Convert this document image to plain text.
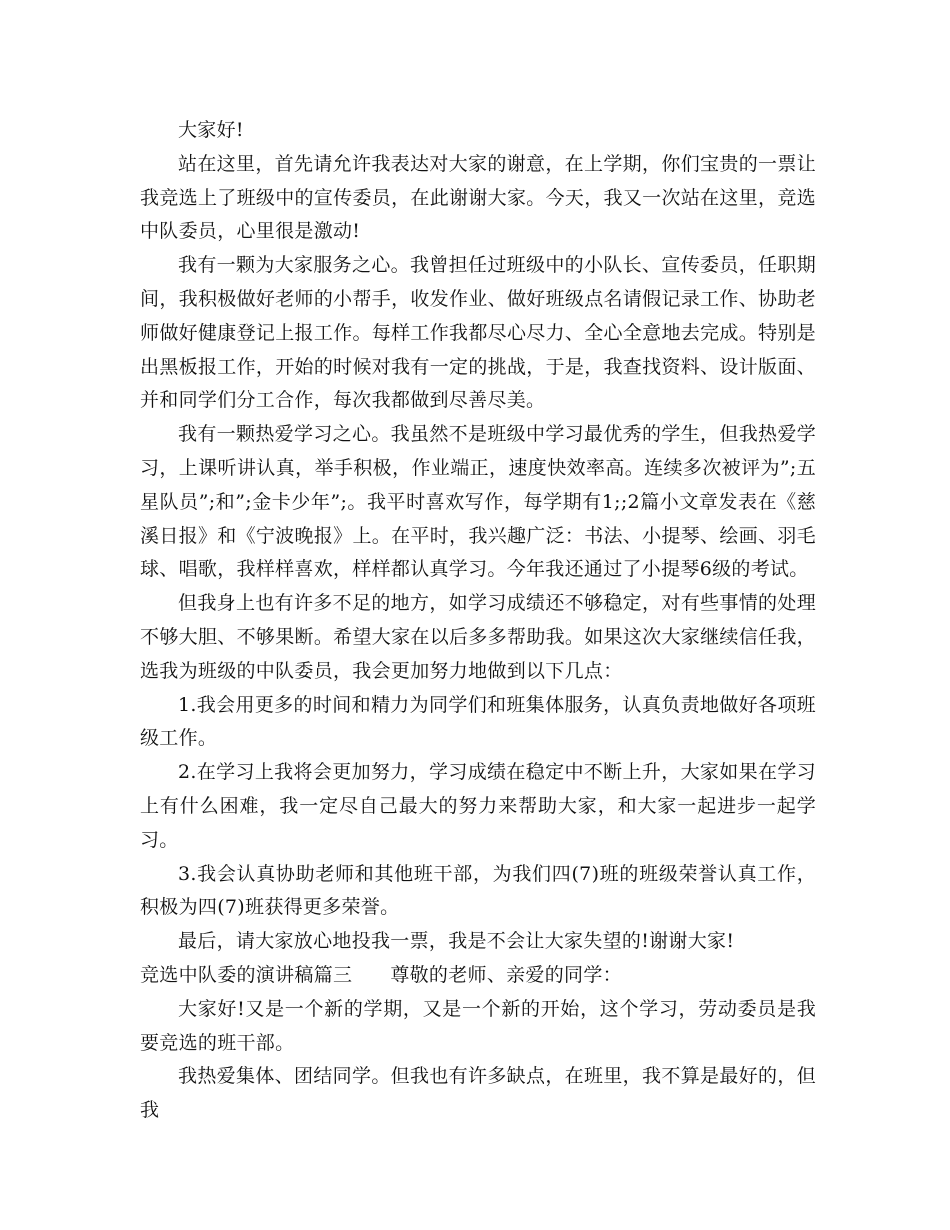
大家好!

站在这里，首先请允许我表达对大家的谢意，在上学期，你们宝贵的一票让我竞选上了班级中的宣传委员，在此谢谢大家。今天，我又一次站在这里，竞选中队委员，心里很是激动!

我有一颗为大家服务之心。我曾担任过班级中的小队长、宣传委员，任职期间，我积极做好老师的小帮手，收发作业、做好班级点名请假记录工作、协助老师做好健康登记上报工作。每样工作我都尽心尽力、全心全意地去完成。特别是出黑板报工作，开始的时候对我有一定的挑战，于是，我查找资料、设计版面、并和同学们分工合作，每次我都做到尽善尽美。

我有一颗热爱学习之心。我虽然不是班级中学习最优秀的学生，但我热爱学习，上课听讲认真，举手积极，作业端正，速度快效率高。连续多次被评为”;五星队员”;和”;金卡少年”;。我平时喜欢写作，每学期有1;;2篇小文章发表在《慈溪日报》和《宁波晚报》上。在平时，我兴趣广泛：书法、小提琴、绘画、羽毛球、唱歌，我样样喜欢，样样都认真学习。今年我还通过了小提琴6级的考试。

但我身上也有许多不足的地方，如学习成绩还不够稳定，对有些事情的处理不够大胆、不够果断。希望大家在以后多多帮助我。如果这次大家继续信任我，选我为班级的中队委员，我会更加努力地做到以下几点：

1.我会用更多的时间和精力为同学们和班集体服务，认真负责地做好各项班级工作。

2.在学习上我将会更加努力，学习成绩在稳定中不断上升，大家如果在学习上有什么困难，我一定尽自己最大的努力来帮助大家，和大家一起进步一起学习。

3.我会认真协助老师和其他班干部，为我们四(7)班的班级荣誉认真工作，积极为四(7)班获得更多荣誉。

最后，请大家放心地投我一票，我是不会让大家失望的!谢谢大家!

竞选中队委的演讲稿篇三 尊敬的老师、亲爱的同学：

大家好!又是一个新的学期，又是一个新的开始，这个学习，劳动委员是我要竞选的班干部。

我热爱集体、团结同学。但我也有许多缺点，在班里，我不算是最好的，但我
